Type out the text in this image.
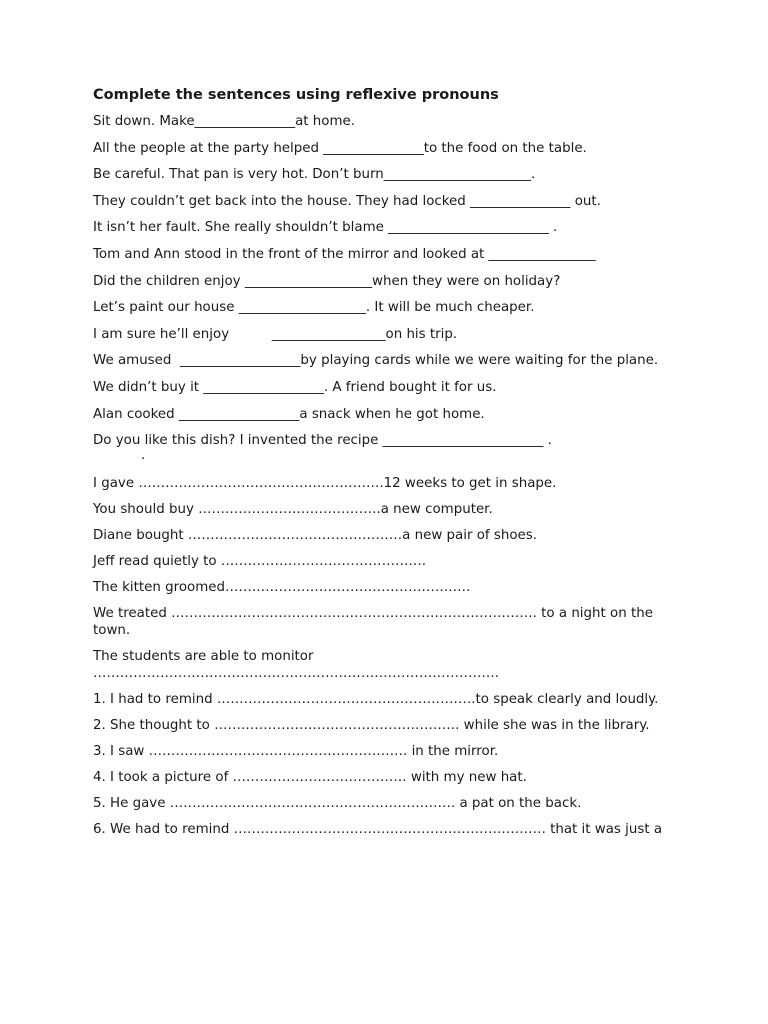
Complete the sentences using reflexive pronouns
Sit down. Make_______________at home.
All the people at the party helped _______________to the food on the table.
Be careful. That pan is very hot. Don’t burn______________________.
They couldn’t get back into the house. They had locked _______________ out.
It isn’t her fault. She really shouldn’t blame ________________________ .
Tom and Ann stood in the front of the mirror and looked at ________________
Did the children enjoy ___________________when they were on holiday?
Let’s paint our house ___________________. It will be much cheaper.
I am sure he’ll enjoy          _________________on his trip.
We amused  __________________by playing cards while we were waiting for the plane.
We didn’t buy it __________________. A friend bought it for us.
Alan cooked __________________a snack when he got home.
Do you like this dish? I invented the recipe ________________________ .
.
I gave ……………………………………………….12 weeks to get in shape.
You should buy …………………………………..a new computer.
Diane bought …………………………………………a new pair of shoes.
Jeff read quietly to ……………………………………….
The kitten groomed……………………………………………….
We treated ………………………………………………………………………. to a night on the town.
The students are able to monitor ……………………………………………………………………………….
1. I had to remind ………………………………………………….to speak clearly and loudly.
2. She thought to ………………………………………………. while she was in the library.
3. I saw …………………………………………………. in the mirror.
4. I took a picture of ………………………………… with my new hat.
5. He gave ………………………………………………………. a pat on the back.
6. We had to remind ……………………………………………………………. that it was just a
